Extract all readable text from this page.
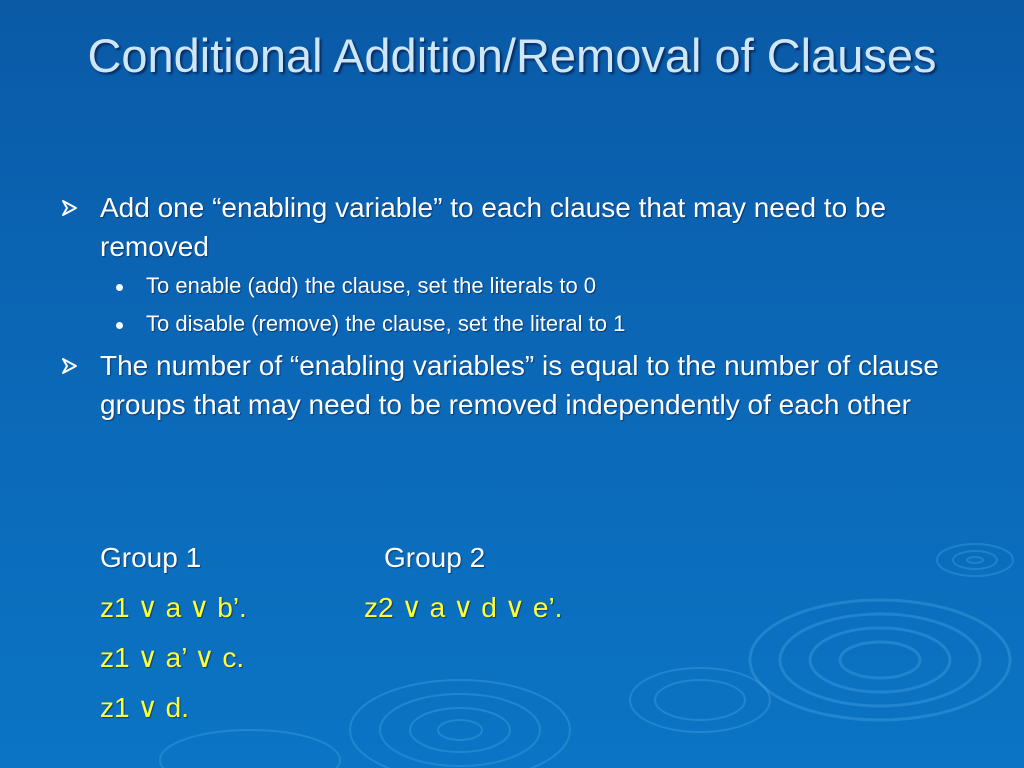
Conditional Addition/Removal of Clauses
Add one “enabling variable” to each clause that may need to be removed
To enable (add) the clause, set the literals to 0
To disable (remove) the clause, set the literal to 1
The number of “enabling variables” is equal to the number of clause groups that may need to be removed independently of each other
Group 1	Group 2
z1 ∨ a ∨ b’.	z2 ∨ a ∨ d ∨ e’.
z1 ∨ a’ ∨ c.
z1 ∨ d.
